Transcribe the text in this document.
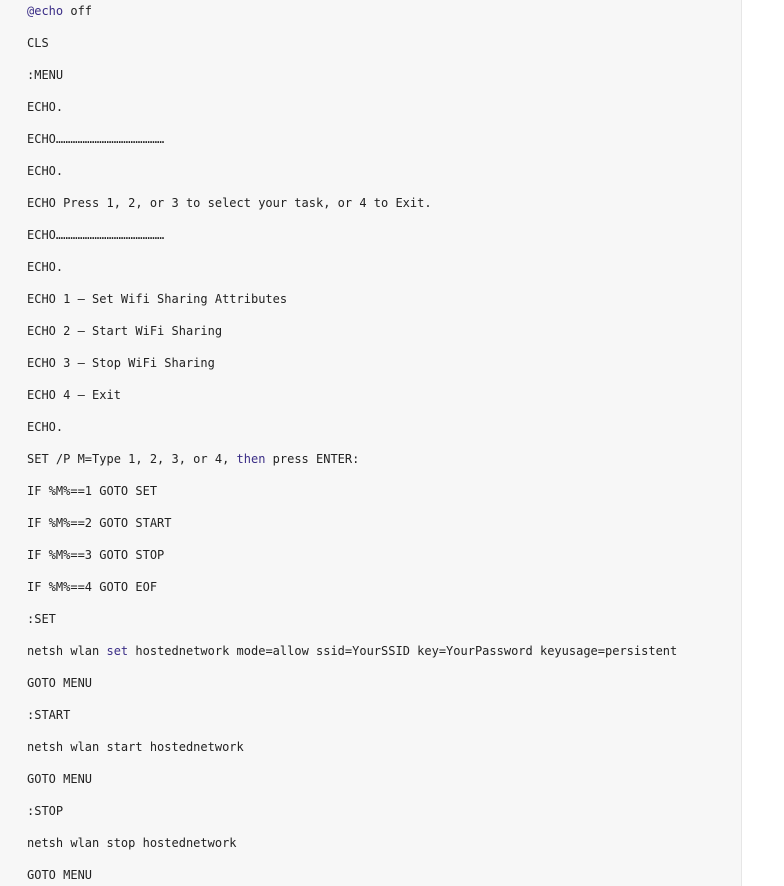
@echo off
CLS
:MENU
ECHO.
ECHO………………………………………
ECHO.
ECHO Press 1, 2, or 3 to select your task, or 4 to Exit.
ECHO………………………………………
ECHO.
ECHO 1 – Set Wifi Sharing Attributes
ECHO 2 – Start WiFi Sharing
ECHO 3 – Stop WiFi Sharing
ECHO 4 – Exit
ECHO.
SET /P M=Type 1, 2, 3, or 4, then press ENTER:
IF %M%==1 GOTO SET
IF %M%==2 GOTO START
IF %M%==3 GOTO STOP
IF %M%==4 GOTO EOF
:SET
netsh wlan set hostednetwork mode=allow ssid=YourSSID key=YourPassword keyusage=persistent
GOTO MENU
:START
netsh wlan start hostednetwork
GOTO MENU
:STOP
netsh wlan stop hostednetwork
GOTO MENU
